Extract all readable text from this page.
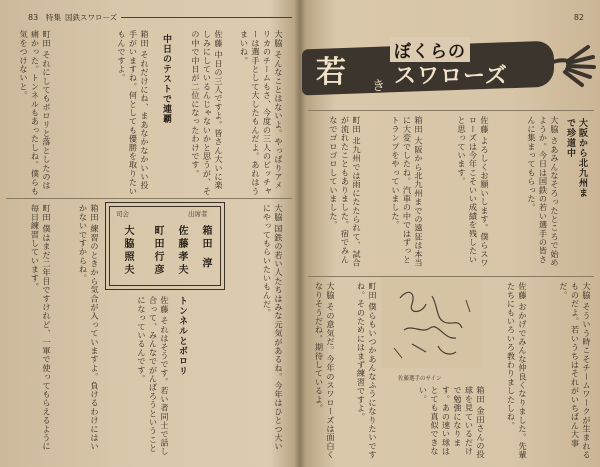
83 特集 国鉄スワローズ
大脇 そんなことはないよ。やっぱりアメリカのチームもさ、今度の三人のピッチャーは選手として大したもんだよ。あれはうまいね。
佐藤 中日の三人ですよ。皆さん大いに楽しみにしているんじゃないかと思うが、その中で中日が二位になったわけです。
中日のテストで連覇
箱田 それだけにね、まあなかなかいい投手がいますね。何としても優勝を取りたいもんですよ。
町田 それにしてもボロリと落としたのは痛かった。トンネルもあったしね。僕らも気をつけないと。
出席者
司会
箱田 淳
佐藤孝夫
町田行彦
大脇照夫	大脇 国鉄の若い人たちはみな元気があるね。今年はひとつ大いにやってもらいたいもんだ。
トンネルとボロリ
佐藤 それはそうです。若い者同士で話し合って、みんなでがんばろうということになっているんです。
箱田 練習のときから気合が入っていますよ。負けるわけにはいかないですからね。
町田 僕はまだ二年目ですけれど、一軍で使ってもらえるように毎日練習しています。
82
若 き
ぼくらの
スワローズ
大阪から北九州まで珍道中
大脇 さあみんなそろったところで始めようか。今日は国鉄の若い選手の皆さんに集まってもらった。
佐藤 よろしくお願いします。僕らスワローズは今年こそいい成績を残したいと思っています。
箱田 大阪から北九州までの遠征は本当に大変でしたね。汽車の中ではずっとトランプをやっていました。
町田 北九州では雨にたたられて、試合が流れたこともありました。宿でみんなでゴロゴロしていました。
佐藤選手のサイン	大脇 そういう時こそチームワークが生まれるものだよ。若いうちはそれがいちばん大事だ。
佐藤 おかげでみんな仲良くなりました。先輩たちにもいろいろ教わりましたしね。
箱田 金田さんの投球を見ているだけで勉強になります。あの速い球はとても真似できない。
町田 僕らもいつかあんなふうになりたいですね。そのためにはまず練習ですよ。
大脇 その意気だ。今年のスワローズは面白くなりそうだね。期待しているよ。
